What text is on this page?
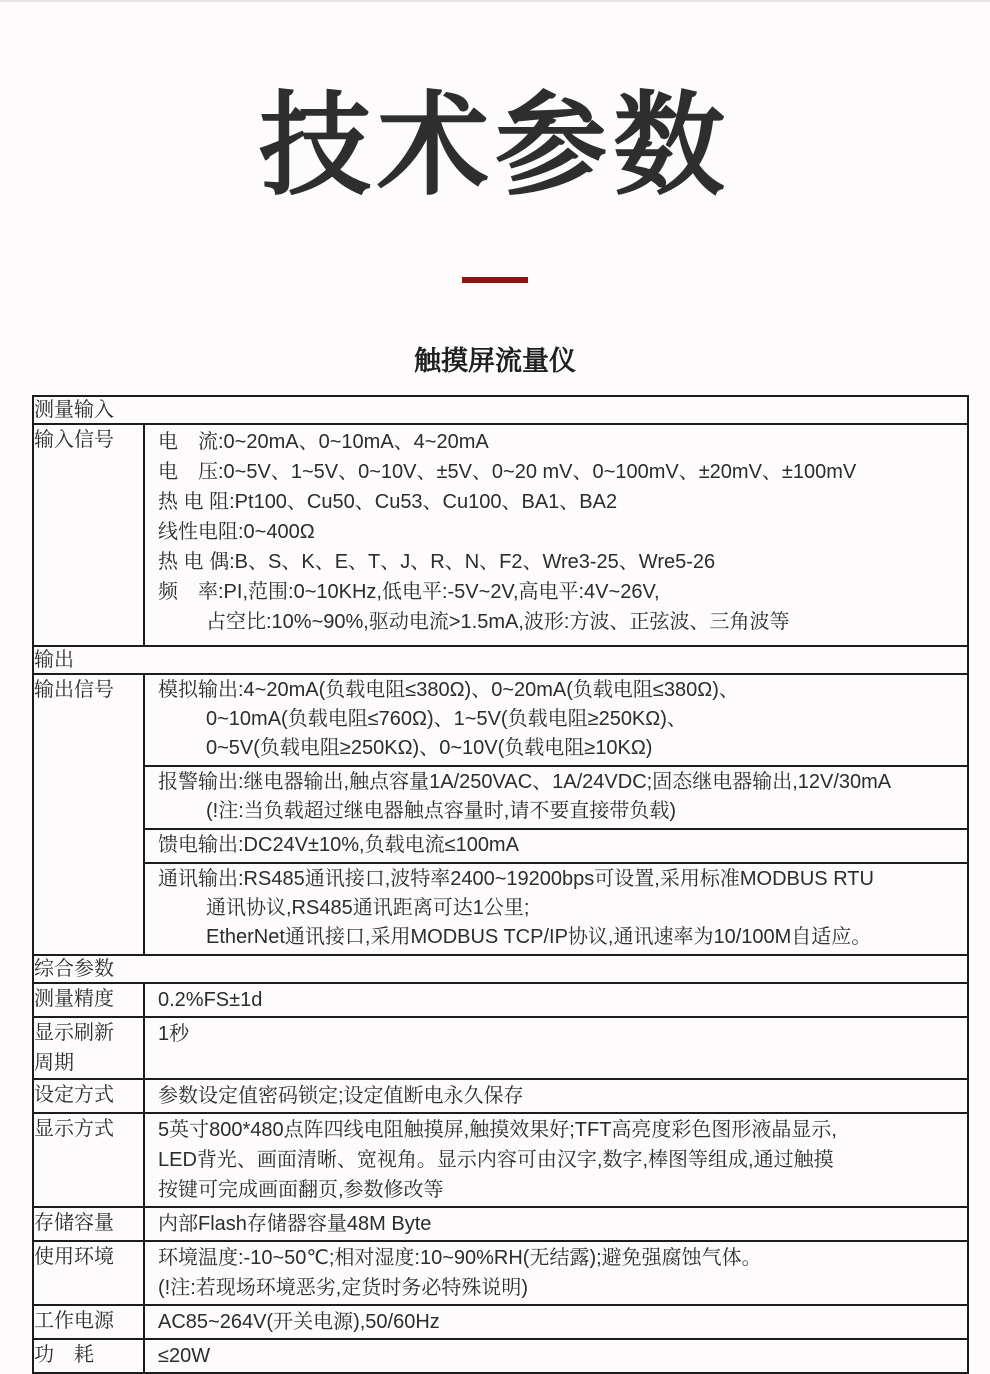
技术参数
触摸屏流量仪
测量输入	
输入信号	电　流:0~20mA、0~10mA、4~20mA
电　压:0~5V、1~5V、0~10V、±5V、0~20 mV、0~100mV、±20mV、±100mV
热 电 阻:Pt100、Cu50、Cu53、Cu100、BA1、BA2
线性电阻:0~400Ω
热 电 偶:B、S、K、E、T、J、R、N、F2、Wre3-25、Wre5-26
频　率:PI,范围:0~10KHz,低电平:-5V~2V,高电平:4V~26V,
占空比:10%~90%,驱动电流>1.5mA,波形:方波、正弦波、三角波等

输出	
输出信号	模拟输出:4~20mA(负载电阻≤380Ω)、0~20mA(负载电阻≤380Ω)、
0~10mA(负载电阻≤760Ω)、1~5V(负载电阻≥250KΩ)、
0~5V(负载电阻≥250KΩ)、0~10V(负载电阻≥10KΩ)
报警输出:继电器输出,触点容量1A/250VAC、1A/24VDC;固态继电器输出,12V/30mA
(!注:当负载超过继电器触点容量时,请不要直接带负载)
馈电输出:DC24V±10%,负载电流≤100mA
通讯输出:RS485通讯接口,波特率2400~19200bps可设置,采用标准MODBUS RTU
通讯协议,RS485通讯距离可达1公里;
EtherNet通讯接口,采用MODBUS TCP/IP协议,通讯速率为10/100M自适应。

综合参数	
测量精度	0.2%FS±1d

显示刷新
周期	1秒

设定方式	参数设定值密码锁定;设定值断电永久保存

显示方式	5英寸800*480点阵四线电阻触摸屏,触摸效果好;TFT高亮度彩色图形液晶显示,
LED背光、画面清晰、宽视角。显示内容可由汉字,数字,棒图等组成,通过触摸
按键可完成画面翻页,参数修改等

存储容量	内部Flash存储器容量48M Byte

使用环境	环境温度:-10~50℃;相对湿度:10~90%RH(无结露);避免强腐蚀气体。
(!注:若现场环境恶劣,定货时务必特殊说明)

工作电源	AC85~264V(开关电源),50/60Hz

功　耗	≤20W
